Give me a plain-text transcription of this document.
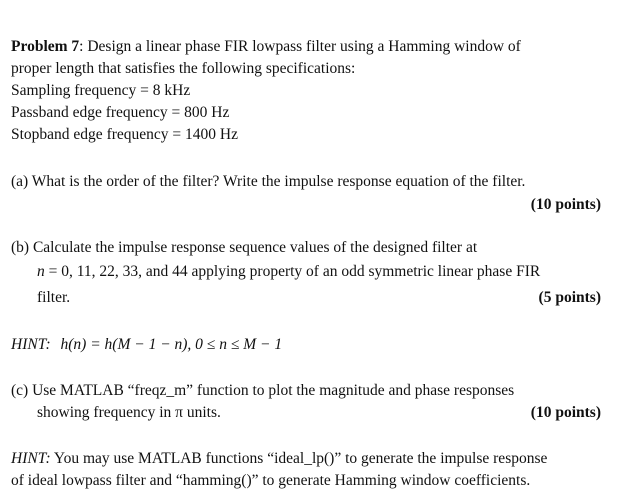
Problem 7: Design a linear phase FIR lowpass filter using a Hamming window of
proper length that satisfies the following specifications:
Sampling frequency = 8 kHz
Passband edge frequency = 800 Hz
Stopband edge frequency = 1400 Hz
(a) What is the order of the filter? Write the impulse response equation of the filter.
(10 points)
(b) Calculate the impulse response sequence values of the designed filter at
n = 0, 11, 22, 33, and 44 applying property of an odd symmetric linear phase FIR
filter.	(5 points)
HINT: h(n) = h(M − 1 − n), 0 ≤ n ≤ M − 1
(c) Use MATLAB “freqz_m” function to plot the magnitude and phase responses
showing frequency in π units.	(10 points)
HINT: You may use MATLAB functions “ideal_lp()” to generate the impulse response
of ideal lowpass filter and “hamming()” to generate Hamming window coefficients.
